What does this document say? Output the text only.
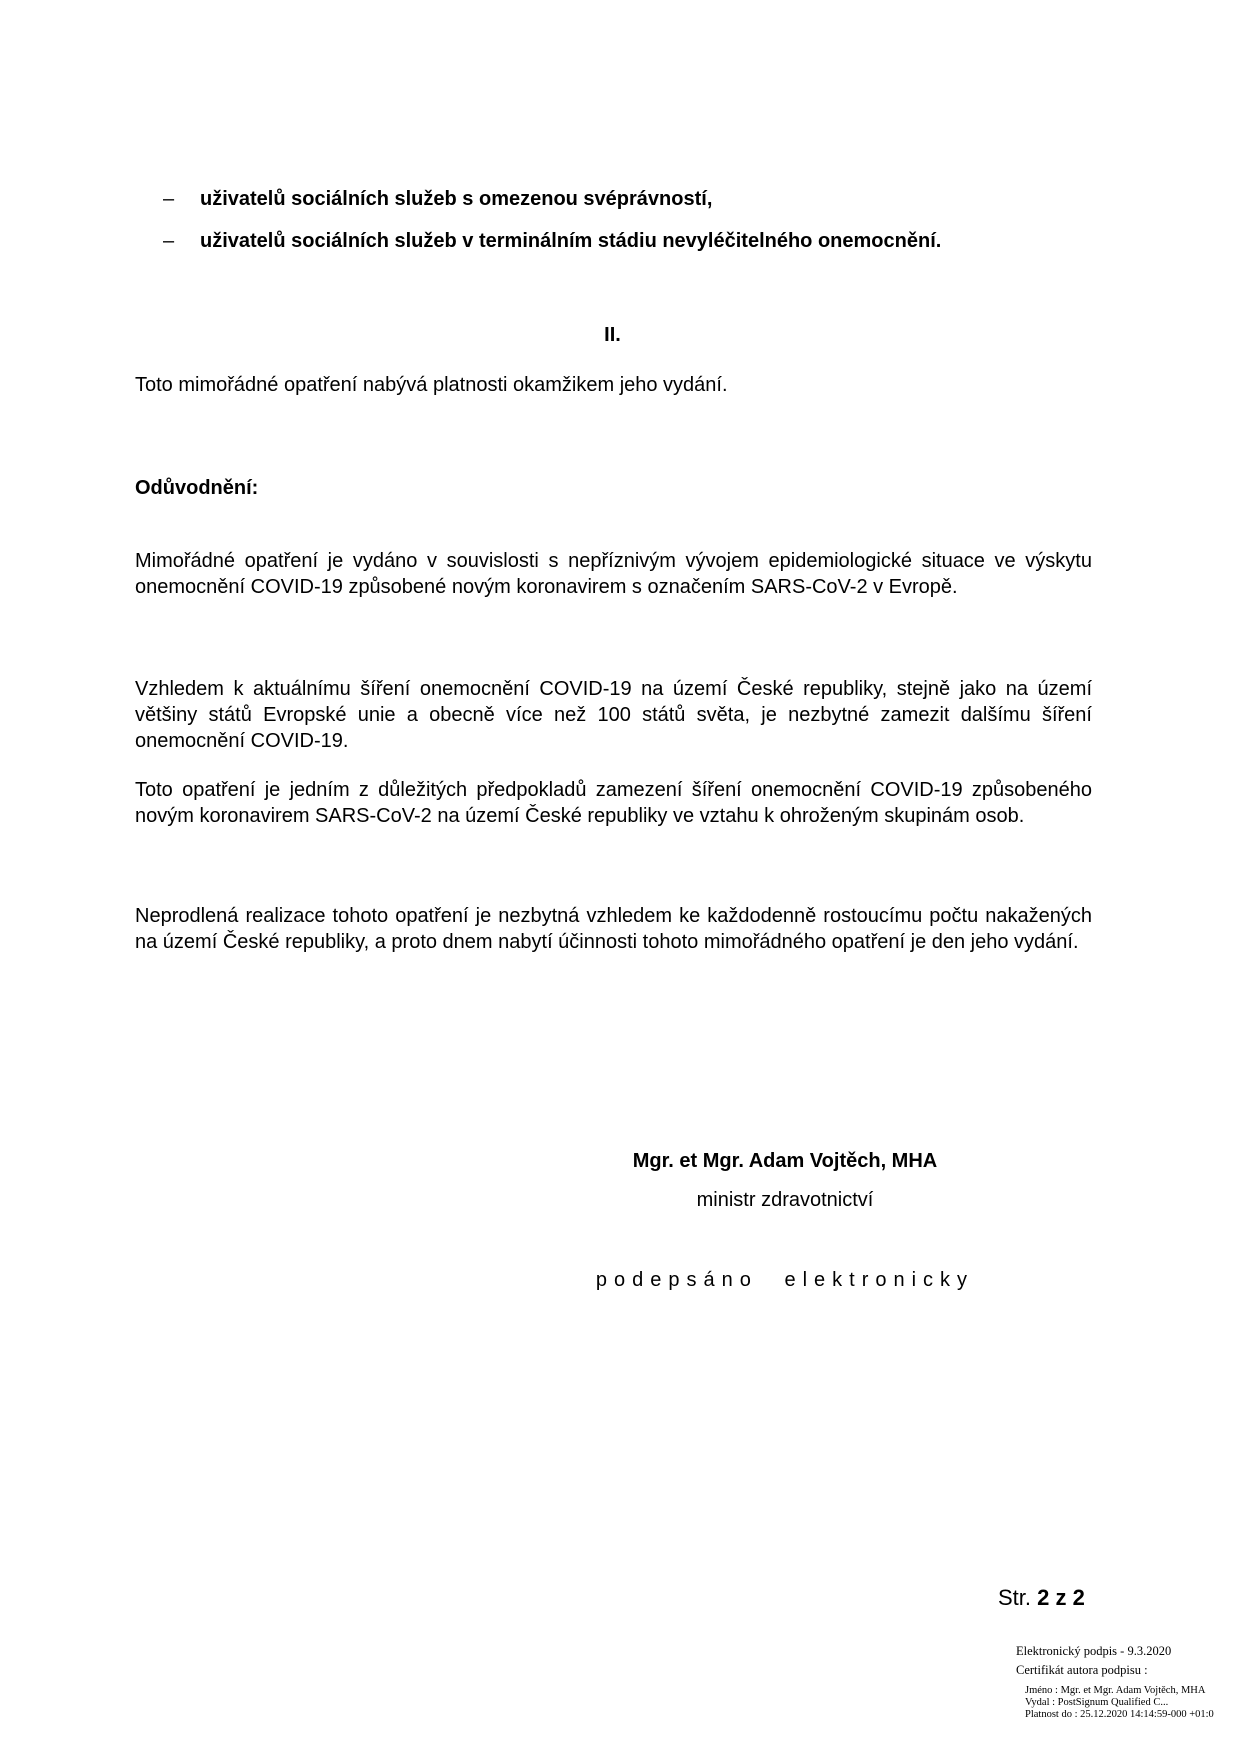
–	uživatelů sociálních služeb s omezenou svéprávností,
–	uživatelů sociálních služeb v terminálním stádiu nevyléčitelného onemocnění.
II.
Toto mimořádné opatření nabývá platnosti okamžikem jeho vydání.
Odůvodnění:
Mimořádné opatření je vydáno v souvislosti s nepříznivým vývojem epidemiologické situace ve výskytu onemocnění COVID-19 způsobené novým koronavirem s označením SARS-CoV-2 v Evropě.
Vzhledem k aktuálnímu šíření onemocnění COVID-19 na území České republiky, stejně jako na území většiny států Evropské unie a obecně více než 100 států světa, je nezbytné zamezit dalšímu šíření onemocnění COVID-19.
Toto opatření je jedním z důležitých předpokladů zamezení šíření onemocnění COVID-19 způsobeného novým koronavirem SARS-CoV-2 na území České republiky ve vztahu k ohroženým skupinám osob.
Neprodlená realizace tohoto opatření je nezbytná vzhledem ke každodenně rostoucímu počtu nakažených na území České republiky, a proto dnem nabytí účinnosti tohoto mimořádného opatření je den jeho vydání.
Mgr. et Mgr. Adam Vojtěch, MHA
ministr zdravotnictví
podepsáno elektronicky
Str. 2 z 2
Elektronický podpis - 9.3.2020
Certifikát autora podpisu :
Jméno : Mgr. et Mgr. Adam Vojtěch, MHA
Vydal : PostSignum Qualified C...
Platnost do : 25.12.2020 14:14:59-000 +01:0
